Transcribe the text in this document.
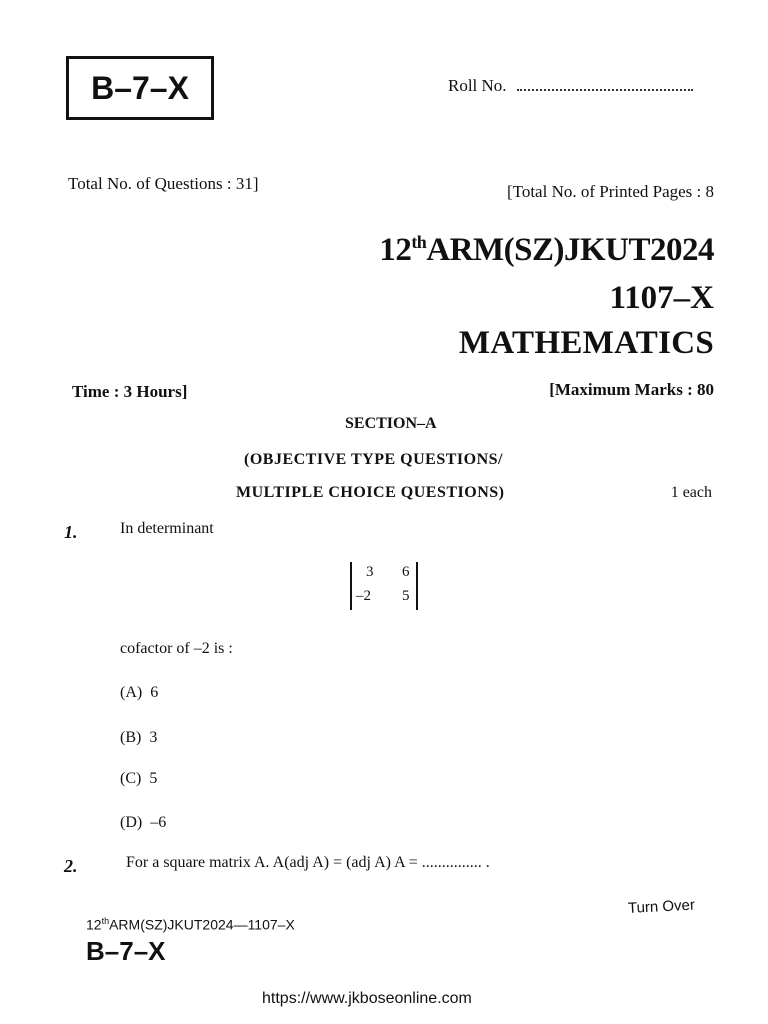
B–7–X	Roll No.
Total No. of Questions : 31]	[Total No. of Printed Pages : 8
12thARM(SZ)JKUT2024
1107–X
MATHEMATICS
Time : 3 Hours]	[Maximum Marks : 80
SECTION–A
(OBJECTIVE TYPE QUESTIONS/
MULTIPLE CHOICE QUESTIONS)	1 each
1.	In determinant
3 6
–2 5
cofactor of –2 is :
(A) 6
(B) 3
(C) 5
(D) –6
2.	For a square matrix A. A(adj A) = (adj A) A = ............... .
Turn Over
12thARM(SZ)JKUT2024—1107–X
B–7–X
https://www.jkboseonline.com
